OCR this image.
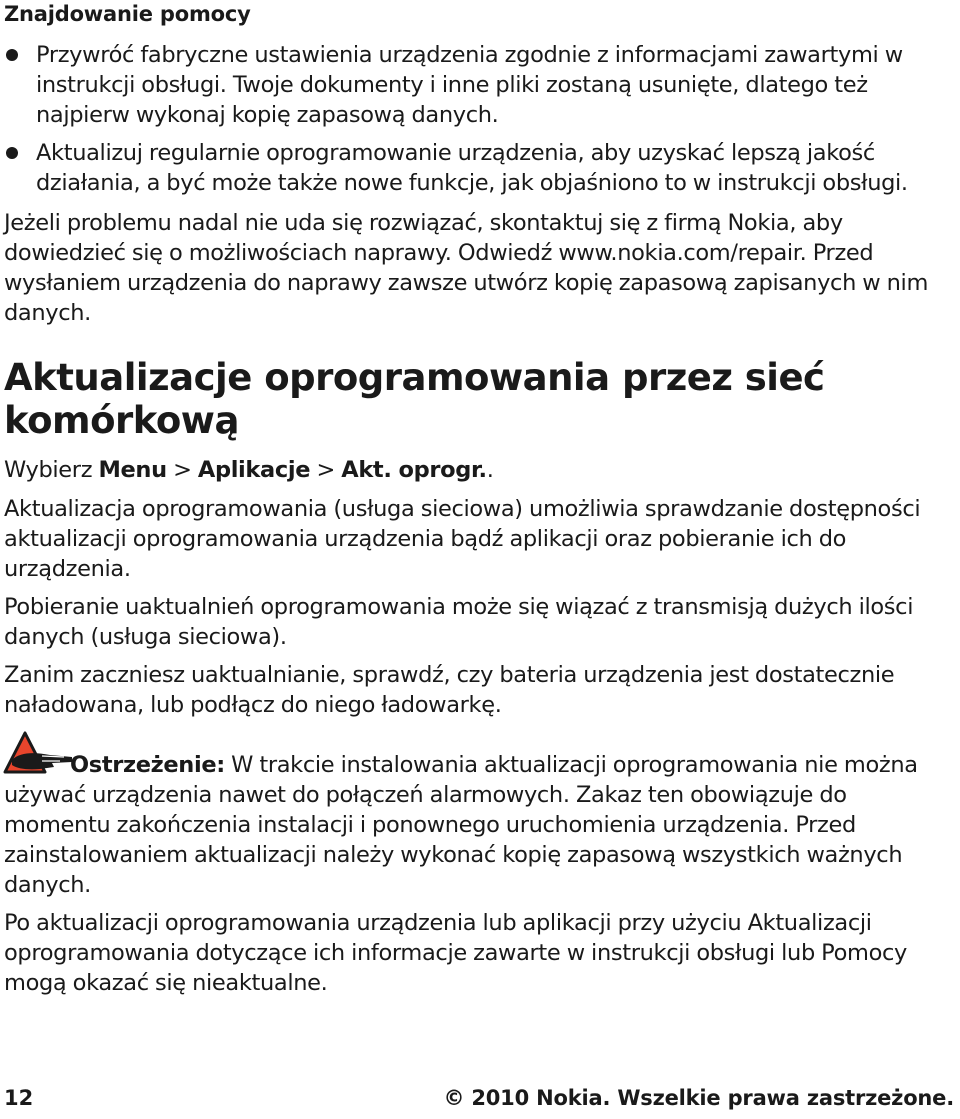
Znajdowanie pomocy

Przywróć fabryczne ustawienia urządzenia zgodnie z informacjami zawartymi w instrukcji obsługi. Twoje dokumenty i inne pliki zostaną usunięte, dlatego też najpierw wykonaj kopię zapasową danych.

Aktualizuj regularnie oprogramowanie urządzenia, aby uzyskać lepszą jakość działania, a być może także nowe funkcje, jak objaśniono to w instrukcji obsługi.

Jeżeli problemu nadal nie uda się rozwiązać, skontaktuj się z firmą Nokia, aby dowiedzieć się o możliwościach naprawy. Odwiedź www.nokia.com/repair. Przed wysłaniem urządzenia do naprawy zawsze utwórz kopię zapasową zapisanych w nim danych.

Aktualizacje oprogramowania przez sieć komórkową

Wybierz Menu > Aplikacje > Akt. oprogr..

Aktualizacja oprogramowania (usługa sieciowa) umożliwia sprawdzanie dostępności aktualizacji oprogramowania urządzenia bądź aplikacji oraz pobieranie ich do urządzenia.

Pobieranie uaktualnień oprogramowania może się wiązać z transmisją dużych ilości danych (usługa sieciowa).

Zanim zaczniesz uaktualnianie, sprawdź, czy bateria urządzenia jest dostatecznie naładowana, lub podłącz do niego ładowarkę.

Ostrzeżenie: W trakcie instalowania aktualizacji oprogramowania nie można używać urządzenia nawet do połączeń alarmowych. Zakaz ten obowiązuje do momentu zakończenia instalacji i ponownego uruchomienia urządzenia. Przed zainstalowaniem aktualizacji należy wykonać kopię zapasową wszystkich ważnych danych.

Po aktualizacji oprogramowania urządzenia lub aplikacji przy użyciu Aktualizacji oprogramowania dotyczące ich informacje zawarte w instrukcji obsługi lub Pomocy mogą okazać się nieaktualne.

12	© 2010 Nokia. Wszelkie prawa zastrzeżone.
